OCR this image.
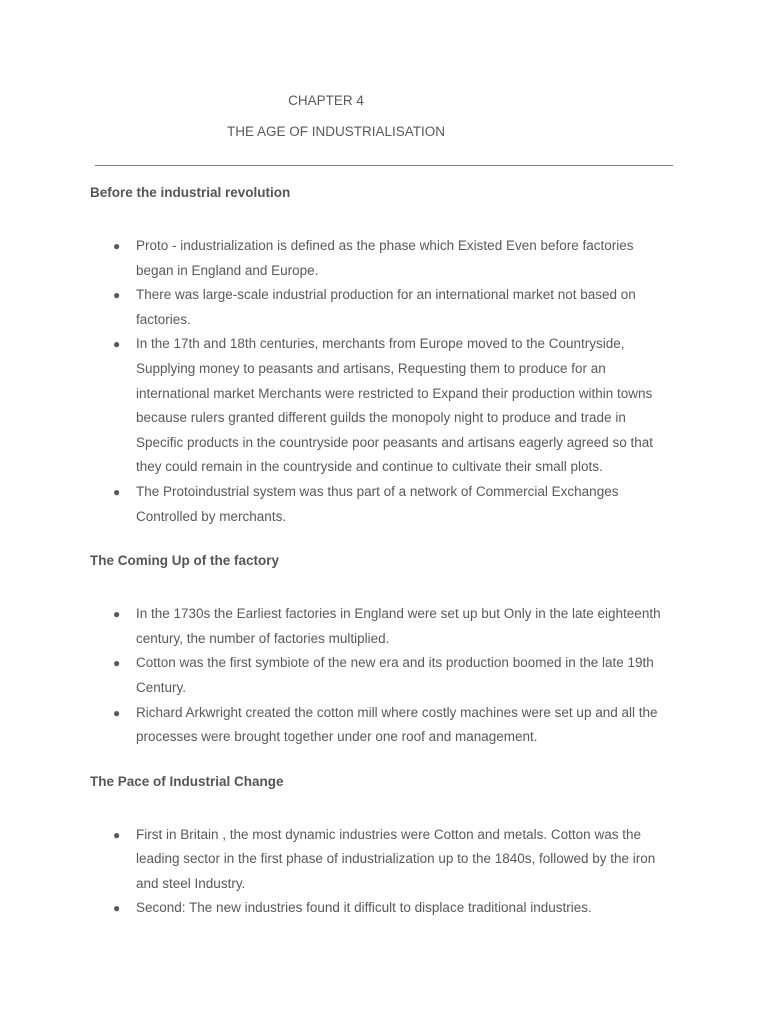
CHAPTER 4
THE AGE OF INDUSTRIALISATION
Before the industrial revolution
● Proto - industrialization is defined as the phase which Existed Even before factories
began in England and Europe.
● There was large-scale industrial production for an international market not based on
factories.
● In the 17th and 18th centuries, merchants from Europe moved to the Countryside,
Supplying money to peasants and artisans, Requesting them to produce for an
international market Merchants were restricted to Expand their production within towns
because rulers granted different guilds the monopoly night to produce and trade in
Specific products in the countryside poor peasants and artisans eagerly agreed so that
they could remain in the countryside and continue to cultivate their small plots.
● The Protoindustrial system was thus part of a network of Commercial Exchanges
Controlled by merchants.
The Coming Up of the factory
● In the 1730s the Earliest factories in England were set up but Only in the late eighteenth
century, the number of factories multiplied.
● Cotton was the first symbiote of the new era and its production boomed in the late 19th
Century.
● Richard Arkwright created the cotton mill where costly machines were set up and all the
processes were brought together under one roof and management.
The Pace of Industrial Change
● First in Britain , the most dynamic industries were Cotton and metals. Cotton was the
leading sector in the first phase of industrialization up to the 1840s, followed by the iron
and steel Industry.
● Second: The new industries found it difficult to displace traditional industries.
